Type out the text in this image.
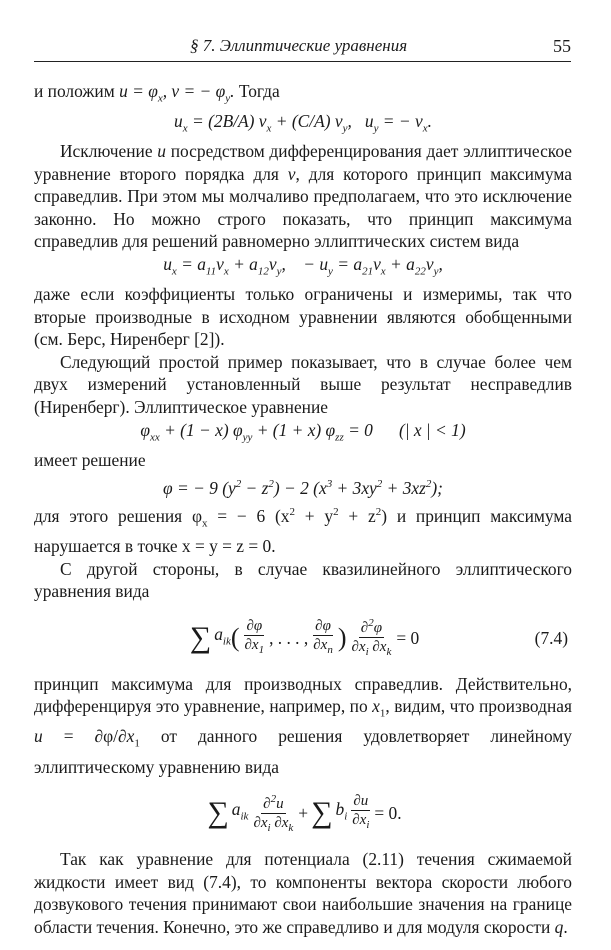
§ 7. Эллиптические уравнения	55

и положим $u = \varphi_x$, v = − $\varphi_y$. Тогда

$u_x = (2B/A) v_x + (C/A)$ $v_y$,   $u_y$ = − $v_x$.

Исключение u посредством дифференцирования дает эллиптическое уравнение второго порядка для v, для которого принцип максимума справедлив. При этом мы молчаливо предполагаем, что это исключение законно. Но можно строго показать, что принцип максимума справедлив для решений равномерно эллиптических систем вида

$u_x = a_{11}v_x + a_{12}v_y$,    − $u_y = a_{21}v_x + a_{22}v_y$,

даже если коэффициенты только ограничены и измеримы, так что вторые производные в исходном уравнении являются обобщенными (см. Берс, Ниренберг [2]).

Следующий простой пример показывает, что в случае более чем двух измерений установленный выше результат несправедлив (Ниренберг). Эллиптическое уравнение

$\varphi_{xx} + (1 - x) \varphi_{yy} + (1 + x) \varphi_{zz} = 0$      (| x | < 1)

имеет решение

φ = − 9 $(y^2 - z^2) - 2$ $(x^3 + 3xy^2 + 3xz^2)$;

для этого решения $\varphi_x$ = − 6 $(x^2 + y^2 + z^2)$ и принцип максимума нарушается в точке x = y = z = 0.

С другой стороны, в случае квазилинейного эллиптического уравнения вида

∑ $a_{ik}$ ( $\frac{\partial\varphi}{\partial x_1}$ , . . . , $\frac{\partial\varphi}{\partial x_n}$ ) $\frac{\partial^2\varphi}{\partial x_i \partial x_k} = 0$	(7.4)

принцип максимума для производных справедлив. Действительно, дифференцируя это уравнение, например, по $x_1$, видим, что производная $u = \partial\varphi/\partial x_1$ от данного решения удовлетворяет линейному эллиптическому уравнению вида

∑ $a_{ik} \frac{\partial^2u}{\partial x_i \partial x_k}$ + ∑ $b_i \frac{\partial u}{\partial x_i} = 0$.

Так как уравнение для потенциала (2.11) течения сжимаемой жидкости имеет вид (7.4), то компоненты вектора скорости любого дозвукового течения принимают свои наибольшие значения на границе области течения. Конечно, это же справедливо и для модуля скорости q.
